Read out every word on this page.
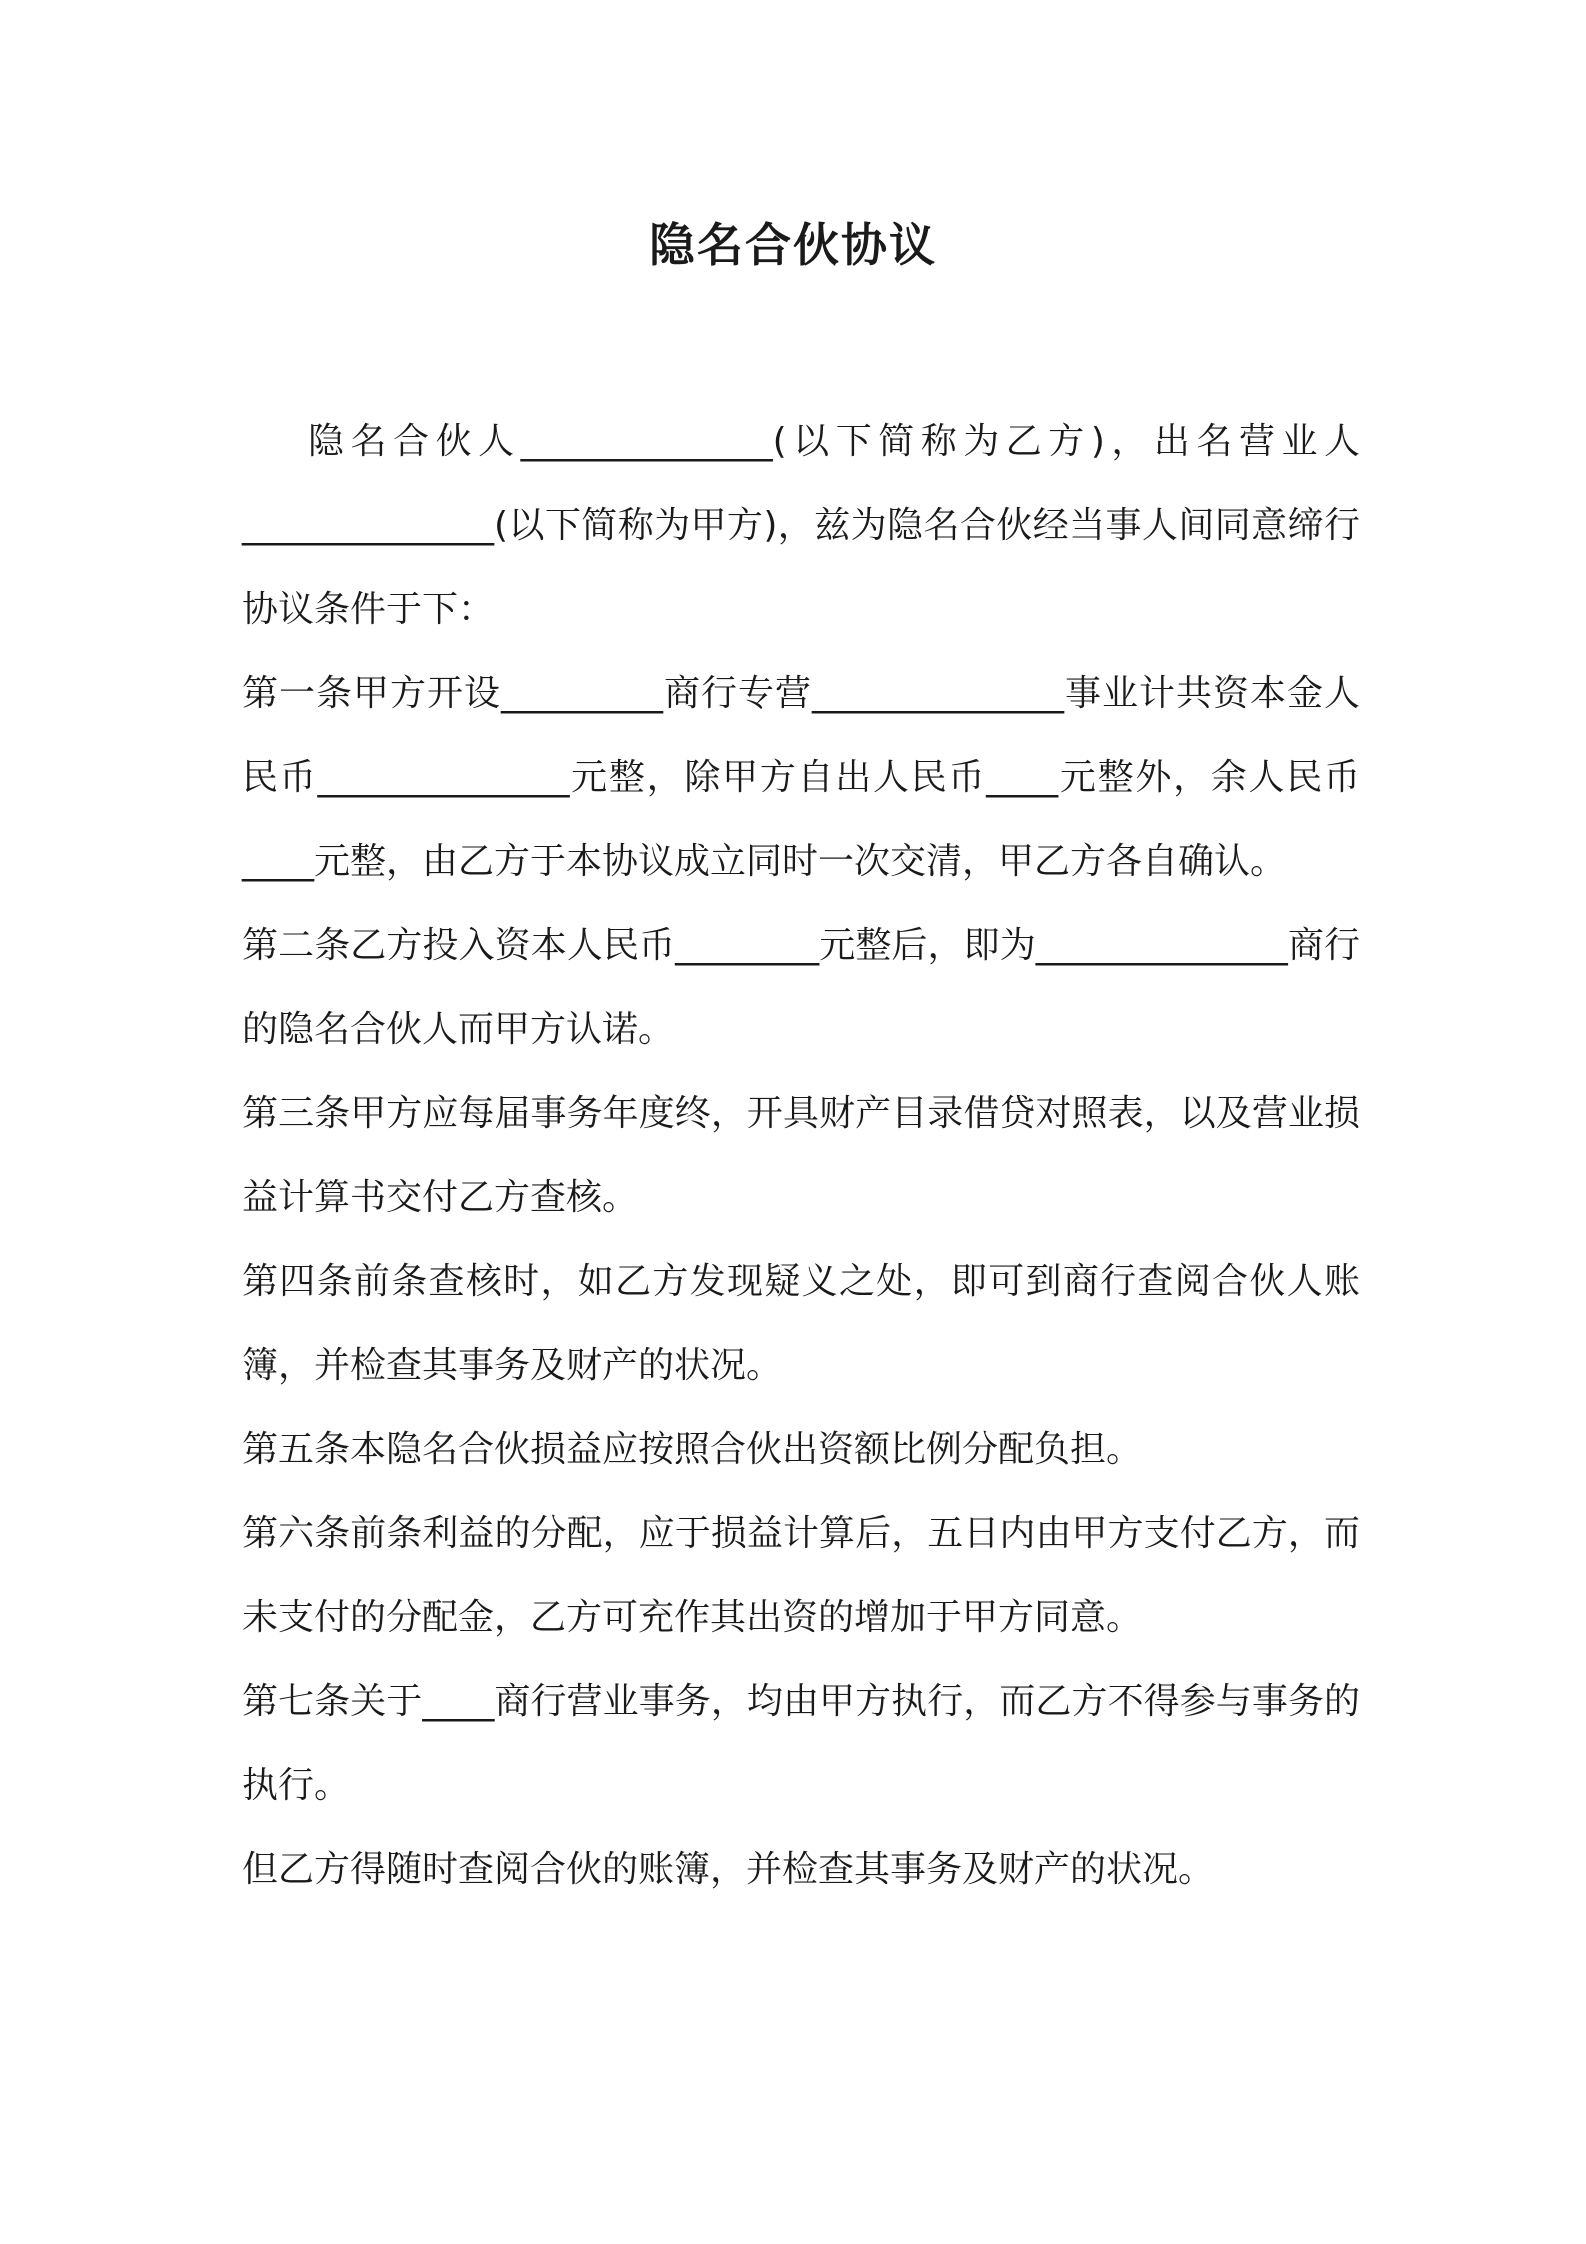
隐名合伙协议

隐名合伙人______________(以下简称为乙方)，出名营业人______________(以下简称为甲方)，兹为隐名合伙经当事人间同意缔行协议条件于下：

第一条甲方开设_________商行专营______________事业计共资本金人民币______________元整，除甲方自出人民币____元整外，余人民币____元整，由乙方于本协议成立同时一次交清，甲乙方各自确认。

第二条乙方投入资本人民币________元整后，即为______________商行的隐名合伙人而甲方认诺。

第三条甲方应每届事务年度终，开具财产目录借贷对照表，以及营业损益计算书交付乙方查核。

第四条前条查核时，如乙方发现疑义之处，即可到商行查阅合伙人账簿，并检查其事务及财产的状况。

第五条本隐名合伙损益应按照合伙出资额比例分配负担。

第六条前条利益的分配，应于损益计算后，五日内由甲方支付乙方，而未支付的分配金，乙方可充作其出资的增加于甲方同意。

第七条关于____商行营业事务，均由甲方执行，而乙方不得参与事务的执行。

但乙方得随时查阅合伙的账簿，并检查其事务及财产的状况。
